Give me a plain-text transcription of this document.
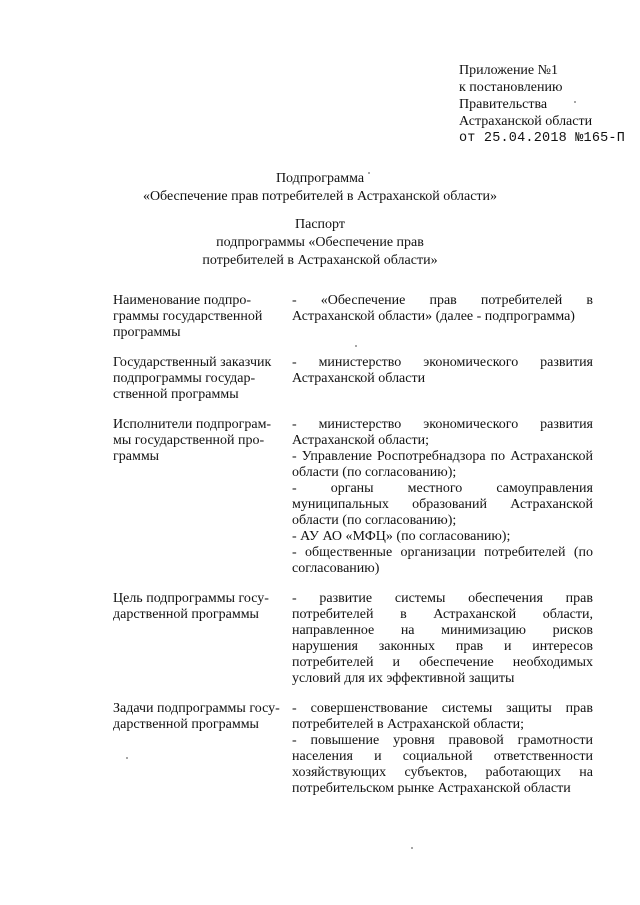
Приложение №1
к постановлению
Правительства
Астраханской области
от 25.04.2018 №165-П
Подпрограмма
«Обеспечение прав потребителей в Астраханской области»
Паспорт
подпрограммы «Обеспечение прав
потребителей в Астраханской области»
Наименование подпро-
граммы государственной
программы
- «Обеспечение прав потребителей в Астраханской области» (далее - подпрограмма)
Государственный заказчик
подпрограммы государ-
ственной программы
- министерство экономического развития Астраханской области
Исполнители подпрограм-
мы государственной про-
граммы
- министерство экономического развития Астраханской области;
- Управление Роспотребнадзора по Астраханской области (по согласованию);
- органы местного самоуправления муниципальных образований Астраханской области (по согласованию);
- АУ АО «МФЦ» (по согласованию);
- общественные организации потребителей (по согласованию)
Цель подпрограммы госу-
дарственной программы
- развитие системы обеспечения прав потребителей в Астраханской области, направленное на минимизацию рисков нарушения законных прав и интересов потребителей и обеспечение необходимых условий для их эффективной защиты
Задачи подпрограммы госу-
дарственной программы
- совершенствование системы защиты прав потребителей в Астраханской области;
- повышение уровня правовой грамотности населения и социальной ответственности хозяйствующих субъектов, работающих на потребительском рынке Астраханской области
